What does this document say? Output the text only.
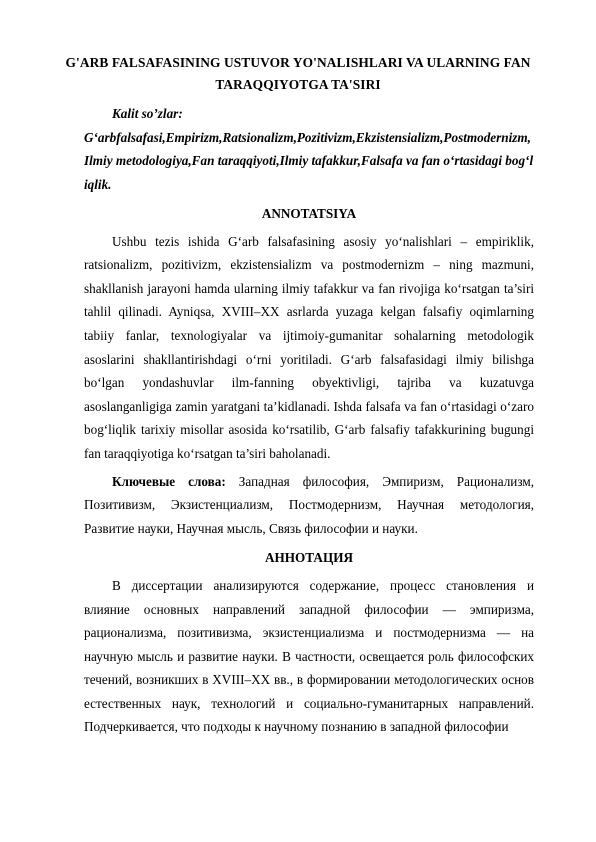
G'ARB FALSAFASINING USTUVOR YO'NALISHLARI VA ULARNING FAN TARAQQIYOTGA TA'SIRI
Kalit so’zlar:
G‘arbfalsafasi,Empirizm,Ratsionalizm,Pozitivizm,Ekzistensializm,Postmodernizm,Ilmiy metodologiya,Fan taraqqiyoti,Ilmiy tafakkur,Falsafa va fan o‘rtasidagi bog‘liqlik.
ANNOTATSIYA

Ushbu tezis ishida G‘arb falsafasining asosiy yo‘nalishlari – empiriklik, ratsionalizm, pozitivizm, ekzistensializm va postmodernizm – ning mazmuni, shakllanish jarayoni hamda ularning ilmiy tafakkur va fan rivojiga ko‘rsatgan ta’siri tahlil qilinadi. Ayniqsa, XVIII–XX asrlarda yuzaga kelgan falsafiy oqimlarning tabiiy fanlar, texnologiyalar va ijtimoiy-gumanitar sohalarning metodologik asoslarini shakllantirishdagi o‘rni yoritiladi. G‘arb falsafasidagi ilmiy bilishga bo‘lgan yondashuvlar ilm-fanning obyektivligi, tajriba va kuzatuvga asoslanganligiga zamin yaratgani ta’kidlanadi. Ishda falsafa va fan o‘rtasidagi o‘zaro bog‘liqlik tarixiy misollar asosida ko‘rsatilib, G‘arb falsafiy tafakkurining bugungi fan taraqqiyotiga ko‘rsatgan ta’siri baholanadi.

Ключевые слова: Западная философия, Эмпиризм, Рационализм, Позитивизм, Экзистенциализм, Постмодернизм, Научная методология, Развитие науки, Научная мысль, Связь философии и науки.

АННОТАЦИЯ

В диссертации анализируются содержание, процесс становления и влияние основных направлений западной философии — эмпиризма, рационализма, позитивизма, экзистенциализма и постмодернизма — на научную мысль и развитие науки. В частности, освещается роль философских течений, возникших в XVIII–XX вв., в формировании методологических основ естественных наук, технологий и социально-гуманитарных направлений. Подчеркивается, что подходы к научному познанию в западной философии
